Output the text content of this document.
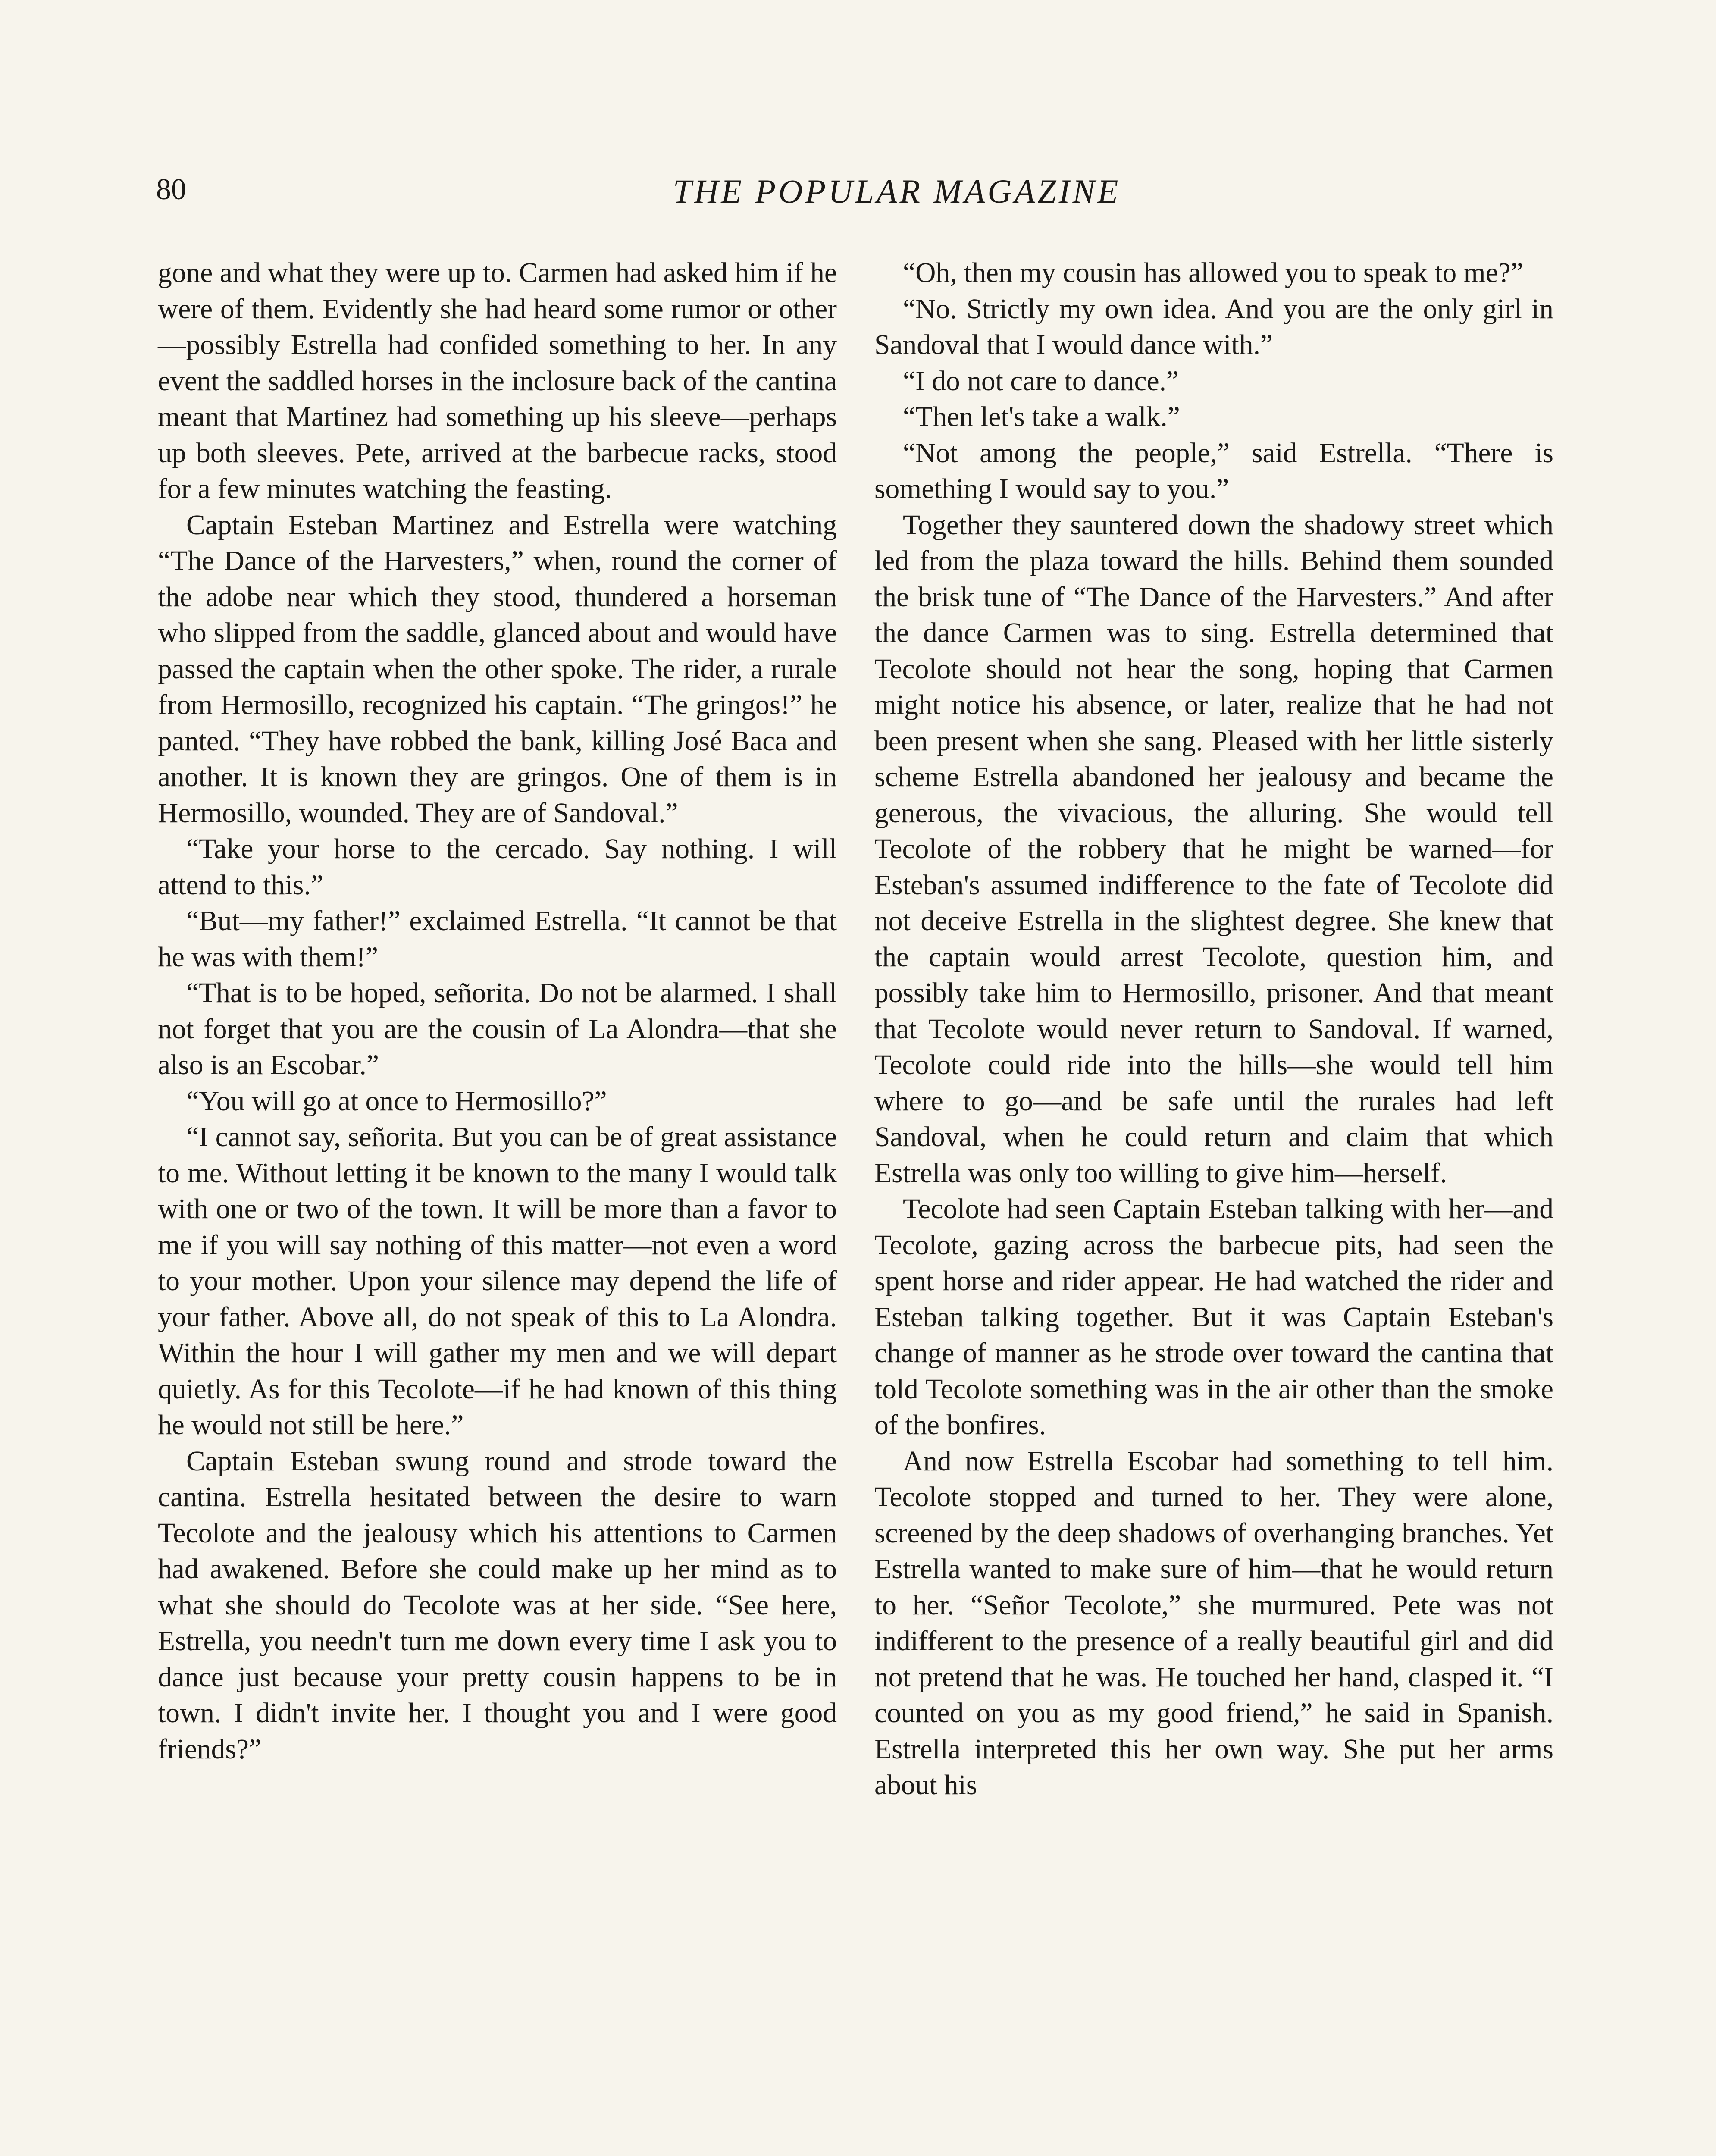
80	THE POPULAR MAGAZINE

gone and what they were up to. Carmen had asked him if he were of them. Evidently she had heard some rumor or other—possibly Estrella had confided something to her. In any event the saddled horses in the inclosure back of the cantina meant that Martinez had something up his sleeve—perhaps up both sleeves. Pete, arrived at the barbecue racks, stood for a few minutes watching the feasting.

Captain Esteban Martinez and Estrella were watching “The Dance of the Harvesters,” when, round the corner of the adobe near which they stood, thundered a horseman who slipped from the saddle, glanced about and would have passed the captain when the other spoke. The rider, a rurale from Hermosillo, recognized his captain. “The gringos!” he panted. “They have robbed the bank, killing José Baca and another. It is known they are gringos. One of them is in Hermosillo, wounded. They are of Sandoval.”

“Take your horse to the cercado. Say nothing. I will attend to this.”

“But—my father!” exclaimed Estrella. “It cannot be that he was with them!”

“That is to be hoped, señorita. Do not be alarmed. I shall not forget that you are the cousin of La Alondra—that she also is an Escobar.”

“You will go at once to Hermosillo?”

“I cannot say, señorita. But you can be of great assistance to me. Without letting it be known to the many I would talk with one or two of the town. It will be more than a favor to me if you will say nothing of this matter—not even a word to your mother. Upon your silence may depend the life of your father. Above all, do not speak of this to La Alondra. Within the hour I will gather my men and we will depart quietly. As for this Tecolote—if he had known of this thing he would not still be here.”

Captain Esteban swung round and strode toward the cantina. Estrella hesitated between the desire to warn Tecolote and the jealousy which his attentions to Carmen had awakened. Before she could make up her mind as to what she should do Tecolote was at her side. “See here, Estrella, you needn't turn me down every time I ask you to dance just because your pretty cousin happens to be in town. I didn't invite her. I thought you and I were good friends?”

“Oh, then my cousin has allowed you to speak to me?”

“No. Strictly my own idea. And you are the only girl in Sandoval that I would dance with.”

“I do not care to dance.”

“Then let's take a walk.”

“Not among the people,” said Estrella. “There is something I would say to you.”

Together they sauntered down the shadowy street which led from the plaza toward the hills. Behind them sounded the brisk tune of “The Dance of the Harvesters.” And after the dance Carmen was to sing. Estrella determined that Tecolote should not hear the song, hoping that Carmen might notice his absence, or later, realize that he had not been present when she sang. Pleased with her little sisterly scheme Estrella abandoned her jealousy and became the generous, the vivacious, the alluring. She would tell Tecolote of the robbery that he might be warned—for Esteban's assumed indifference to the fate of Tecolote did not deceive Estrella in the slightest degree. She knew that the captain would arrest Tecolote, question him, and possibly take him to Hermosillo, prisoner. And that meant that Tecolote would never return to Sandoval. If warned, Tecolote could ride into the hills—she would tell him where to go—and be safe until the rurales had left Sandoval, when he could return and claim that which Estrella was only too willing to give him—herself.

Tecolote had seen Captain Esteban talking with her—and Tecolote, gazing across the barbecue pits, had seen the spent horse and rider appear. He had watched the rider and Esteban talking together. But it was Captain Esteban's change of manner as he strode over toward the cantina that told Tecolote something was in the air other than the smoke of the bonfires.

And now Estrella Escobar had something to tell him. Tecolote stopped and turned to her. They were alone, screened by the deep shadows of overhanging branches. Yet Estrella wanted to make sure of him—that he would return to her. “Señor Tecolote,” she murmured. Pete was not indifferent to the presence of a really beautiful girl and did not pretend that he was. He touched her hand, clasped it. “I counted on you as my good friend,” he said in Spanish. Estrella interpreted this her own way. She put her arms about his
